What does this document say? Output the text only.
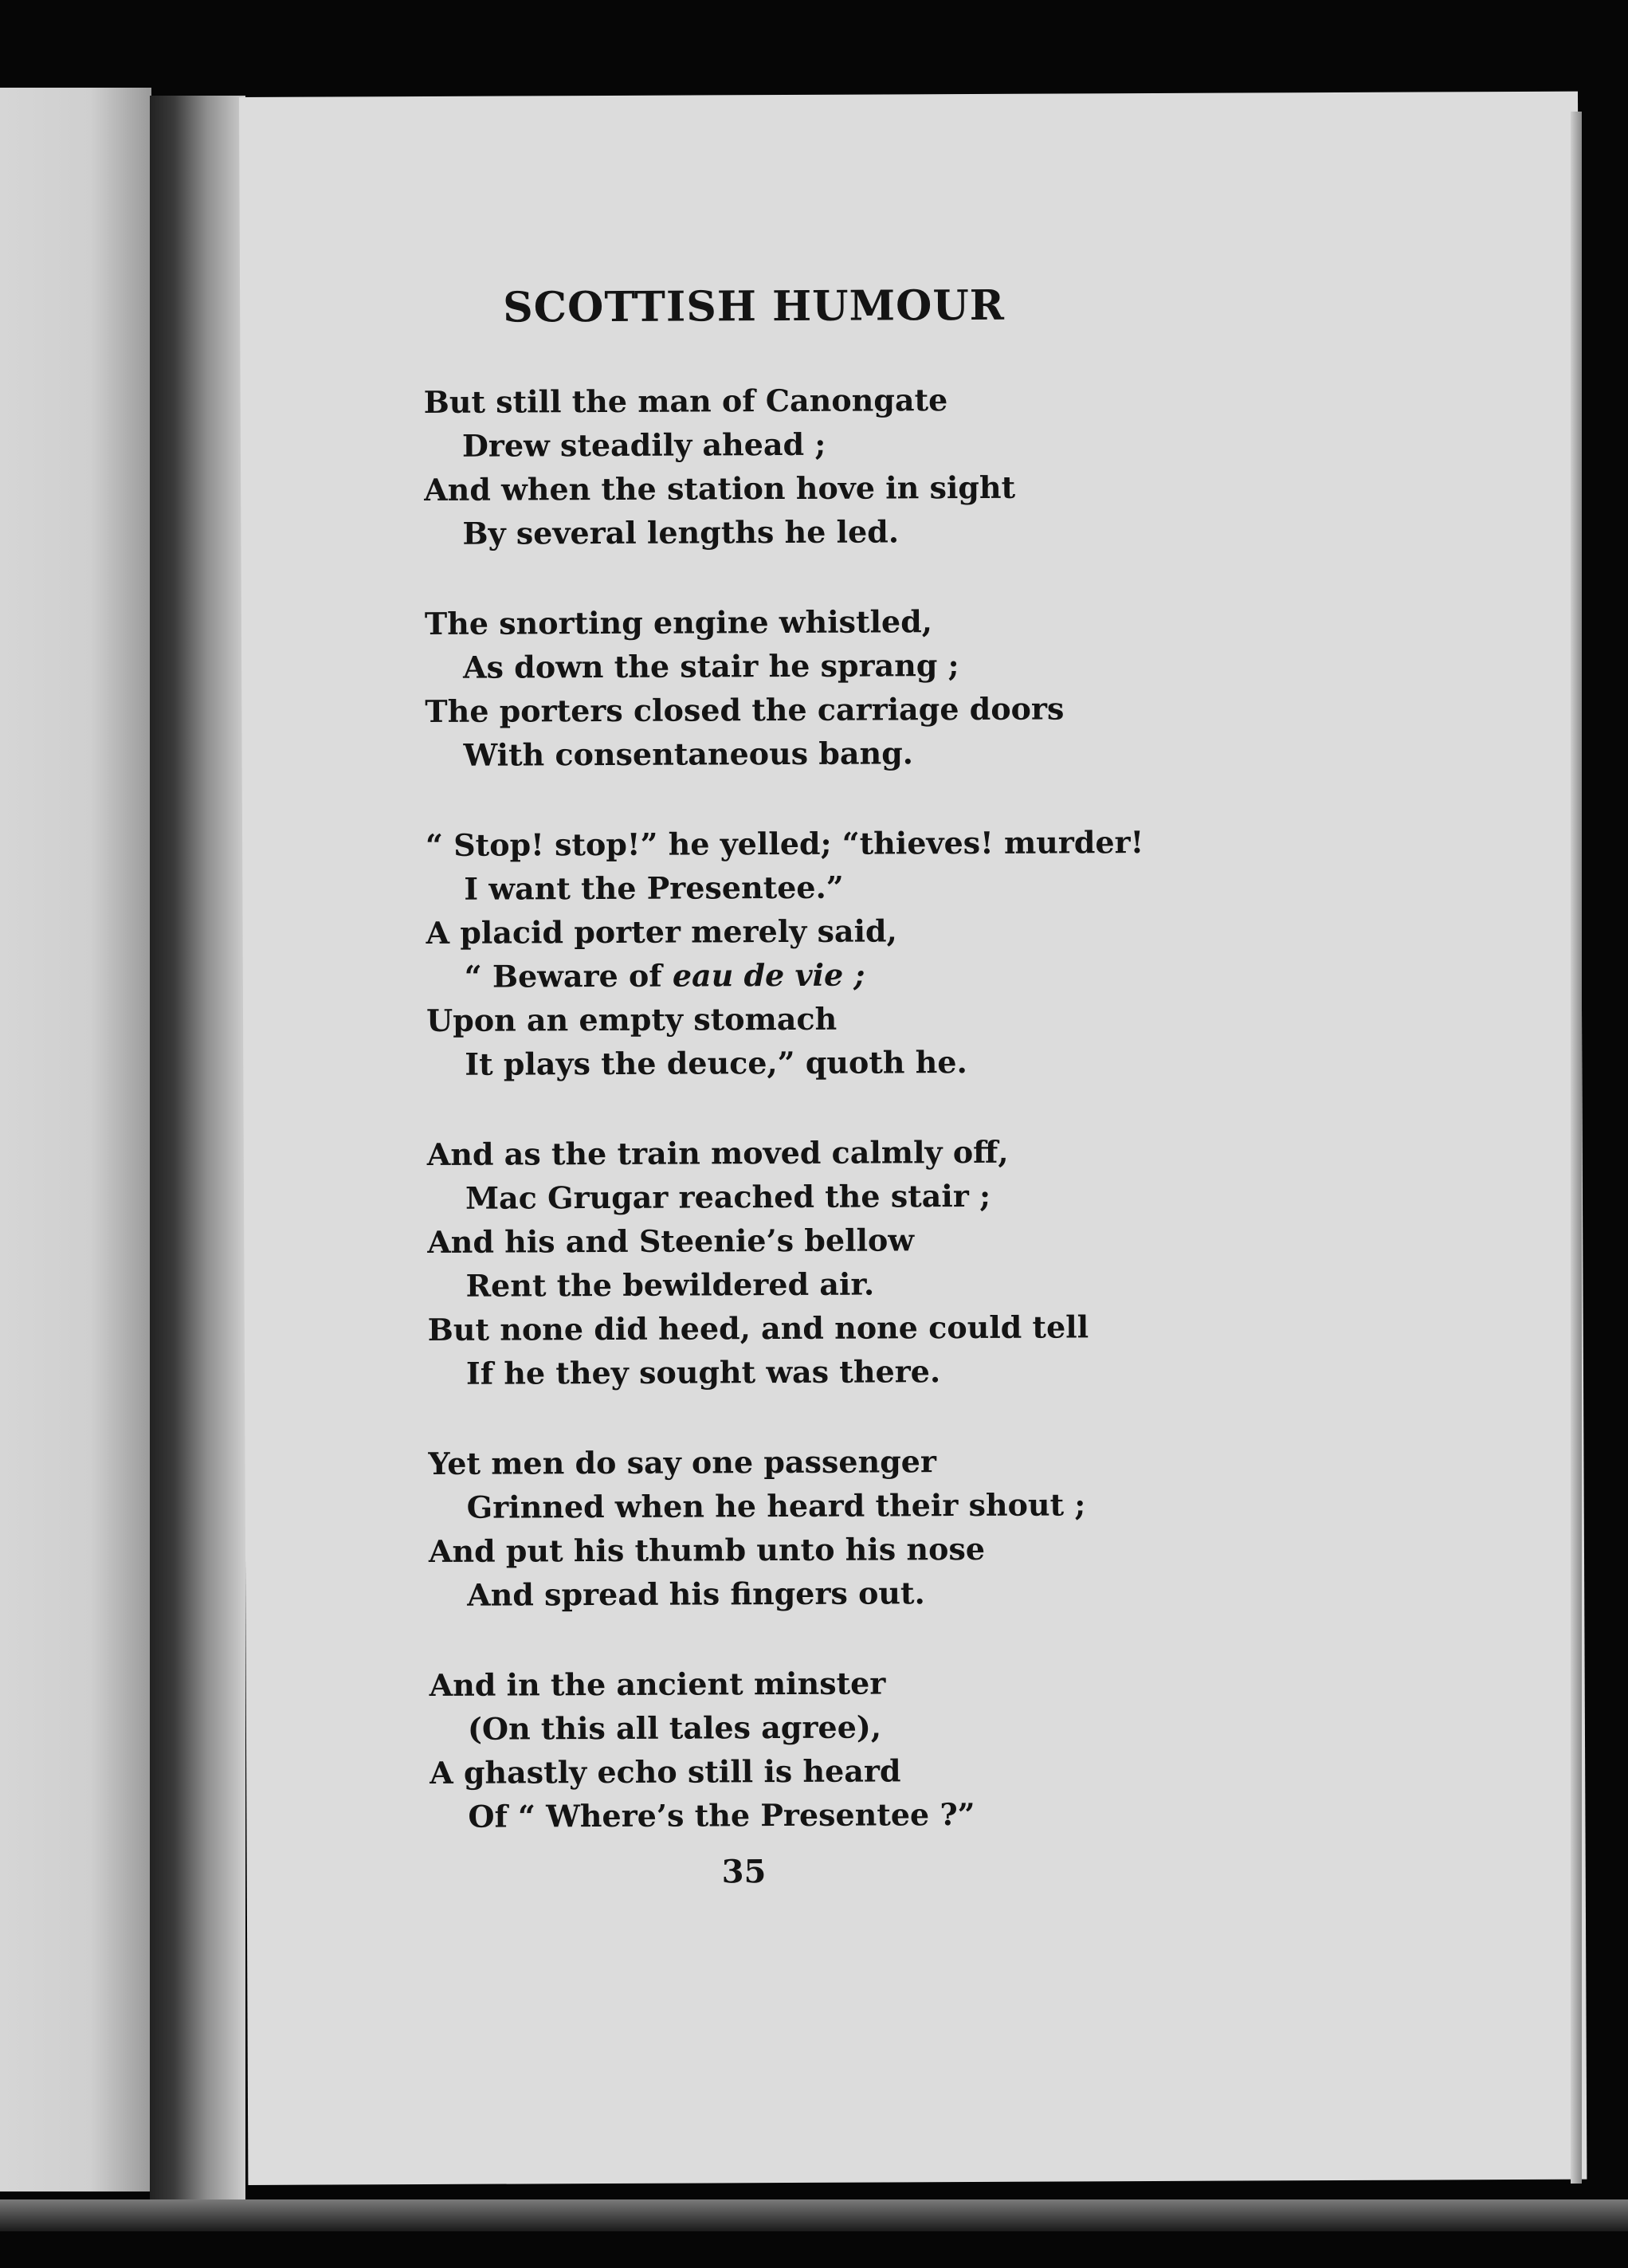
SCOTTISH HUMOUR
But still the man of Canongate
Drew steadily ahead ;
And when the station hove in sight
By several lengths he led.
The snorting engine whistled,
As down the stair he sprang ;
The porters closed the carriage doors
With consentaneous bang.
“ Stop! stop!” he yelled; “thieves! murder!
I want the Presentee.”
A placid porter merely said,
“ Beware of eau de vie ;
Upon an empty stomach
It plays the deuce,” quoth he.
And as the train moved calmly off,
Mac Grugar reached the stair ;
And his and Steenie’s bellow
Rent the bewildered air.
But none did heed, and none could tell
If he they sought was there.
Yet men do say one passenger
Grinned when he heard their shout ;
And put his thumb unto his nose
And spread his fingers out.
And in the ancient minster
(On this all tales agree),
A ghastly echo still is heard
Of “ Where’s the Presentee ?”
35
